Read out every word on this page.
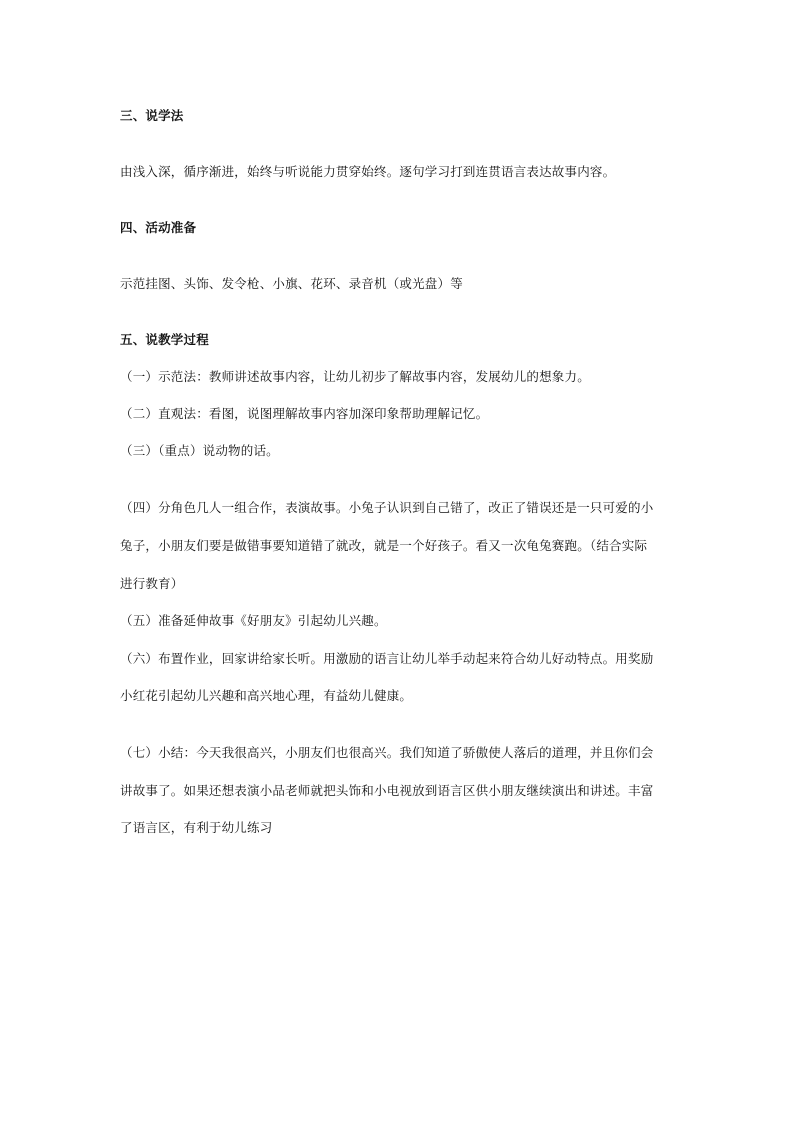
三、说学法
由浅入深，循序渐进，始终与听说能力贯穿始终。逐句学习打到连贯语言表达故事内容。
四、活动准备
示范挂图、头饰、发令枪、小旗、花环、录音机（或光盘）等
五、说教学过程
（一）示范法：教师讲述故事内容，让幼儿初步了解故事内容，发展幼儿的想象力。
（二）直观法：看图，说图理解故事内容加深印象帮助理解记忆。
（三）（重点）说动物的话。
（四）分角色几人一组合作，表演故事。小兔子认识到自己错了，改正了错误还是一只可爱的小
兔子，小朋友们要是做错事要知道错了就改，就是一个好孩子。看又一次龟兔赛跑。（结合实际
进行教育）
（五）准备延伸故事《好朋友》引起幼儿兴趣。
（六）布置作业，回家讲给家长听。用激励的语言让幼儿举手动起来符合幼儿好动特点。用奖励
小红花引起幼儿兴趣和高兴地心理，有益幼儿健康。
（七）小结：今天我很高兴，小朋友们也很高兴。我们知道了骄傲使人落后的道理，并且你们会
讲故事了。如果还想表演小品老师就把头饰和小电视放到语言区供小朋友继续演出和讲述。丰富
了语言区，有利于幼儿练习
